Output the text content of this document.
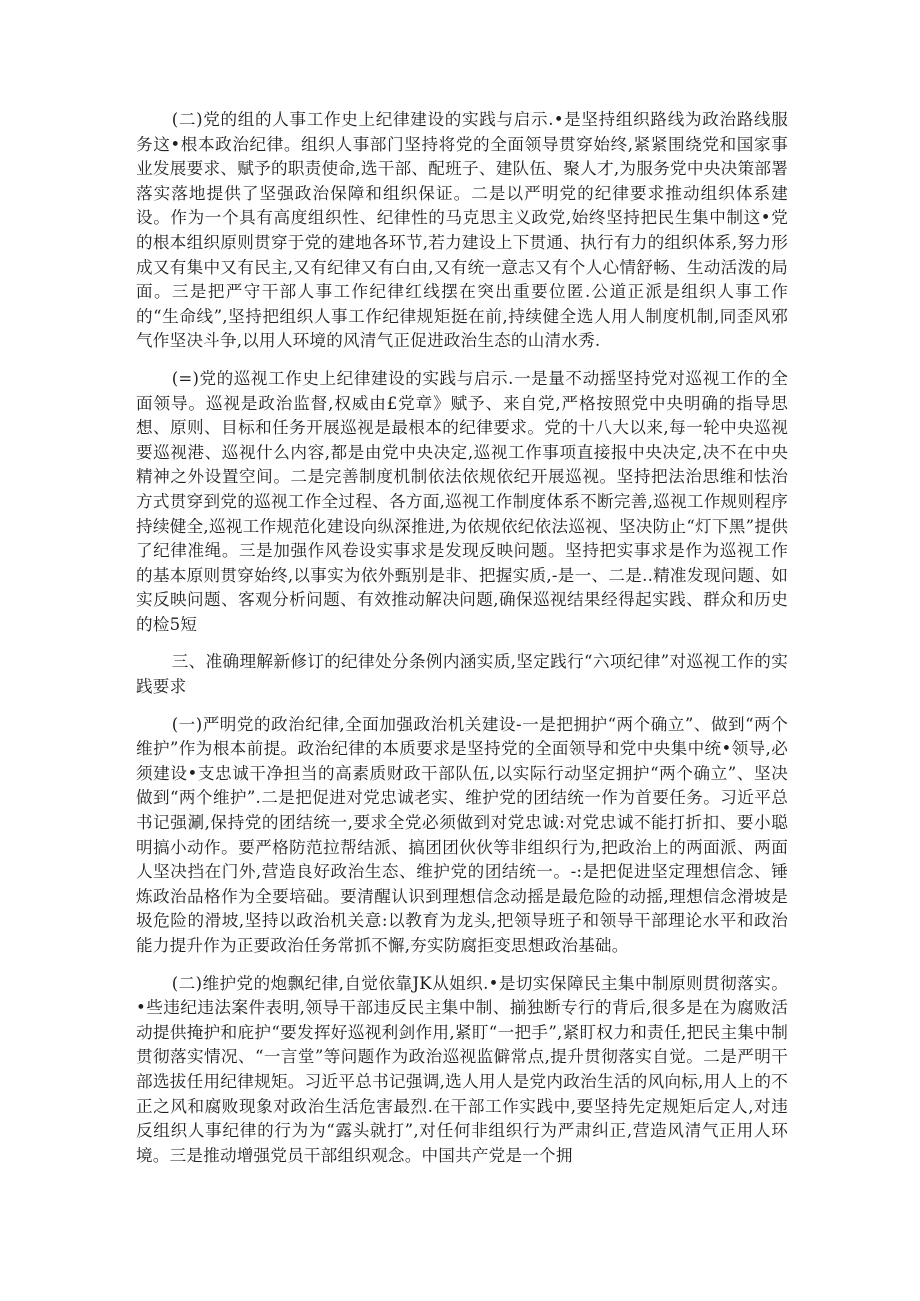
(二)党的组的人事工作史上纪律建设的实践与启示.•是坚持组织路线为政治路线服务这•根本政治纪律。组织人事部门坚持将党的全面领导贯穿始终,紧紧围绕党和国家事业发展要求、赋予的职责使命,选干部、配班子、建队伍、聚人才,为服务党中央决策部署落实落地提供了坚强政治保障和组织保证。二是以严明党的纪律要求推动组织体系建设。作为一个具有高度组织性、纪律性的马克思主义政党,始终坚持把民生集中制这•党的根本组织原则贯穿于党的建地各环节,若力建设上下贯通、执行有力的组织体系,努力形成又有集中又有民主,又有纪律又有白由,又有统一意志又有个人心情舒畅、生动活泼的局面。三是把严守干部人事工作纪律红线摆在突出重要位匿.公道正派是组织人事工作的“生命线”,坚持把组织人事工作纪律规矩挺在前,持续健全选人用人制度机制,同歪风邪气作坚决斗争,以用人环境的风清气正促进政治生态的山清水秀.

(=)党的巡视工作史上纪律建设的实践与启示.一是量不动摇坚持党对巡视工作的全面领导。巡视是政治监督,权威由£党章》赋予、来自党,严格按照党中央明确的指导思想、原则、目标和任务开展巡视是最根本的纪律要求。党的十八大以来,每一轮中央巡视要巡视港、巡视什么内容,都是由党中央决定,巡视工作事项直接报中央决定,决不在中央精神之外设置空间。二是完善制度机制依法依规依纪开展巡视。坚持把法治思维和怯治方式贯穿到党的巡视工作全过程、各方面,巡视工作制度体系不断完善,巡视工作规则程序持续健全,巡视工作规范化建设向纵深推进,为依规依纪依法巡视、坚决防止“灯下黑”提供了纪律准绳。三是加强作风卷设实事求是发现反映问题。坚持把实事求是作为巡视工作的基本原则贯穿始终,以事实为依外甄别是非、把握实质,-是一、二是..精准发现问题、如实反映问题、客观分析问题、有效推动解决问题,确保巡视结果经得起实践、群众和历史的检5短

三、准确理解新修订的纪律处分条例内涵实质,坚定践行“六项纪律”对巡视工作的实践要求

(一)严明党的政治纪律,全面加强政治机关建设-一是把拥护“两个确立”、做到“两个维护”作为根本前提。政治纪律的本质要求是坚持党的全面领导和党中央集中统•领导,必须建设•支忠诚干净担当的高素质财政干部队伍,以实际行动坚定拥护“两个确立”、坚决做到“两个维护”.二是把促进对党忠诚老实、维护党的团结统一作为首要任务。习近平总书记强涮,保持党的团结统一,要求全党必须做到对党忠诚:对党忠诚不能打折扣、要小聪明搞小动作。要严格防范拉帮结派、搞团团伙伙等非组织行为,把政治上的两面派、两面人坚决挡在门外,营造良好政治生态、维护党的团结统一。-:是把促进坚定理想信念、锤炼政治品格作为全要培础。要清醒认识到理想信念动摇是最危险的动摇,理想信念滑坡是圾危险的滑坡,坚持以政治机关意:以教育为龙头,把领导班子和领导干部理论水平和政治能力提升作为正要政治任务常抓不懈,夯实防腐拒变思想政治基础。

(二)维护党的炮飘纪律,自觉依靠JK从姐织.•是切实保障民主集中制原则贯彻落实。•些违纪违法案件表明,领导干部违反民主集中制、揃独断专行的背后,很多是在为腐败活动提供掩护和庇护“要发挥好巡视利剑作用,紧盯“一把手”,紧盯权力和责任,把民主集中制贯彻落实情况、“一言堂”等问题作为政治巡视监僻常点,提升贯彻落实自觉。二是严明干部选拔任用纪律规矩。习近平总书记强调,选人用人是党内政治生活的风向标,用人上的不正之风和腐败现象对政治生活危害最烈.在干部工作实践中,要坚持先定规矩后定人,对违反组织人事纪律的行为为“露头就打”,对任何非组织行为严肃纠正,营造风清气正用人环境。三是推动增强党员干部组织观念。中国共产党是一个拥
